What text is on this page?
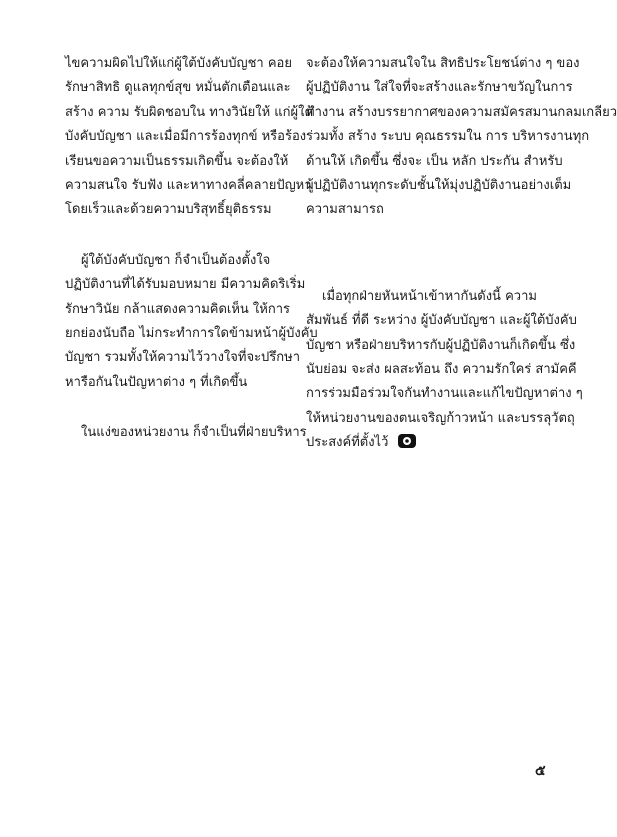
ไขความผิดไปให้แก่ผู้ใต้บังคับบัญชา คอย
รักษาสิทธิ ดูแลทุกข์สุข หมั่นตักเตือนและ
สร้าง ความ รับผิดชอบใน ทางวินัยให้ แก่ผู้ใต้
บังคับบัญชา และเมื่อมีการร้องทุกข์ หรือร้อง
เรียนขอความเป็นธรรมเกิดขึ้น จะต้องให้
ความสนใจ รับฟัง และหาทางคลี่คลายปัญหา
โดยเร็วและด้วยความบริสุทธิ์ยุติธรรม
ผู้ใต้บังคับบัญชา ก็จำเป็นต้องตั้งใจ
ปฏิบัติงานที่ได้รับมอบหมาย มีความคิดริเริ่ม
รักษาวินัย กล้าแสดงความคิดเห็น ให้การ
ยกย่องนับถือ ไม่กระทำการใดข้ามหน้าผู้บังคับ
บัญชา รวมทั้งให้ความไว้วางใจที่จะปรึกษา
หารือกันในปัญหาต่าง ๆ ที่เกิดขึ้น
ในแง่ของหน่วยงาน ก็จำเป็นที่ฝ่ายบริหาร
จะต้องให้ความสนใจใน สิทธิประโยชน์ต่าง ๆ ของ
ผู้ปฏิบัติงาน ใส่ใจที่จะสร้างและรักษาขวัญในการ
ทำงาน สร้างบรรยากาศของความสมัครสมานกลมเกลียว
ร่วมทั้ง สร้าง ระบบ คุณธรรมใน การ บริหารงานทุก
ด้านให้ เกิดขึ้น ซึ่งจะ เป็น หลัก ประกัน สำหรับ
ผู้ปฏิบัติงานทุกระดับชั้นให้มุ่งปฏิบัติงานอย่างเต็ม
ความสามารถ
เมื่อทุกฝ่ายหันหน้าเข้าหากันดังนี้ ความ
สัมพันธ์ ที่ดี ระหว่าง ผู้บังคับบัญชา และผู้ใต้บังคับ
บัญชา หรือฝ่ายบริหารกับผู้ปฏิบัติงานก็เกิดขึ้น ซึ่ง
นับย่อม จะส่ง ผลสะท้อน ถึง ความรักใคร่ สามัคคี
การร่วมมือร่วมใจกันทำงานและแก้ไขปัญหาต่าง ๆ
ให้หน่วยงานของตนเจริญก้าวหน้า และบรรลุวัตถุ
ประสงค์ที่ตั้งไว้
๕
